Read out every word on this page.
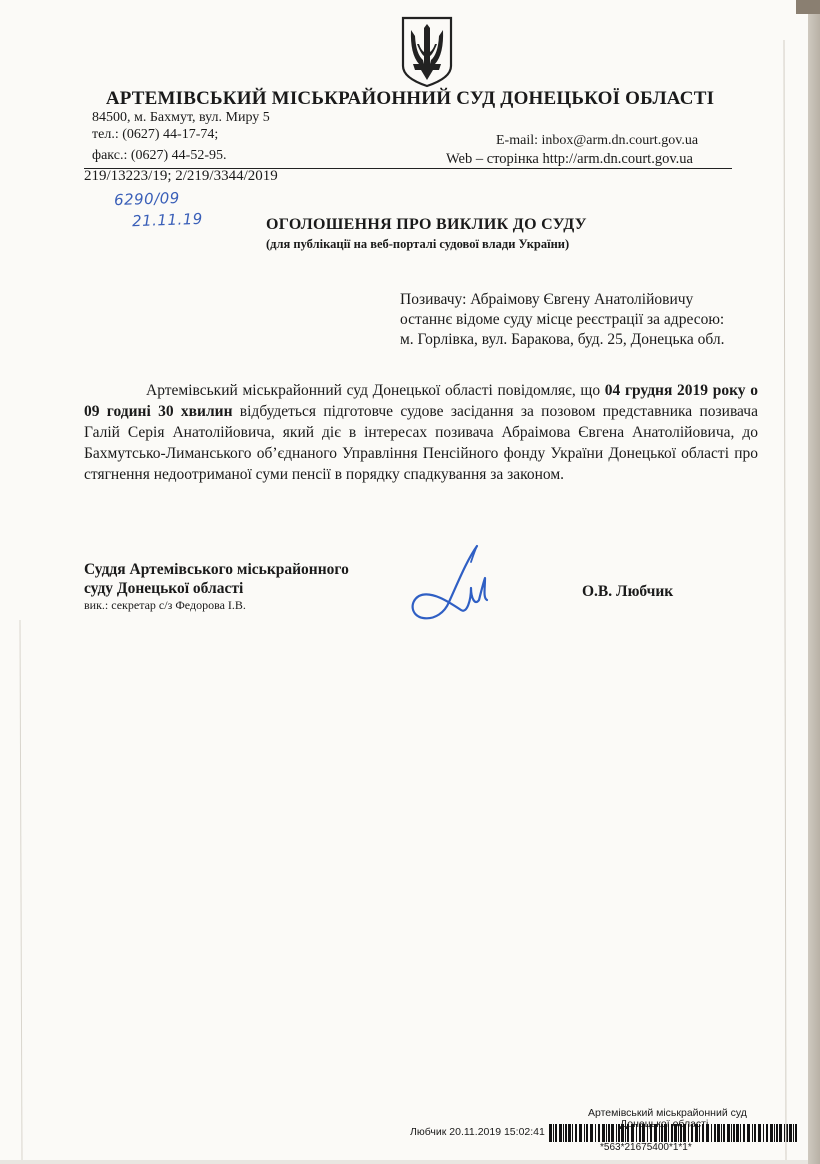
АРТЕМІВСЬКИЙ МІСЬКРАЙОННИЙ СУД ДОНЕЦЬКОЇ ОБЛАСТІ
84500, м. Бахмут, вул. Миру 5
тел.: (0627) 44-17-74;
факс.: (0627) 44-52-95.
E-mail: inbox@arm.dn.court.gov.ua
Web – сторінка http://arm.dn.court.gov.ua
219/13223/19; 2/219/3344/2019
6290/09
21.11.19	ОГОЛОШЕННЯ ПРО ВИКЛИК ДО СУДУ
(для публікації на веб-порталі судової влади України)
Позивачу: Абраімову Євгену Анатолійовичу
останнє відоме суду місце реєстрації за адресою:
м. Горлівка, вул. Баракова, буд. 25, Донецька обл.
Артемівський міськрайонний суд Донецької області повідомляє, що 04 грудня 2019 року о 09 годині 30 хвилин відбудеться підготовче судове засідання за позовом представника позивача Галій Серія Анатолійовича, який діє в інтересах позивача Абраімова Євгена Анатолійовича, до Бахмутсько-Лиманського об’єднаного Управління Пенсійного фонду України Донецької області про стягнення недоотриманої суми пенсії в порядку спадкування за законом.
Суддя Артемівського міськрайонного
суду Донецької області
вик.: секретар с/з Федорова І.В.
О.В. Любчик
Артемівський міськрайонний суд
області
Любчик 20.11.2019 15:02:41
*563*21675400*1*1*
